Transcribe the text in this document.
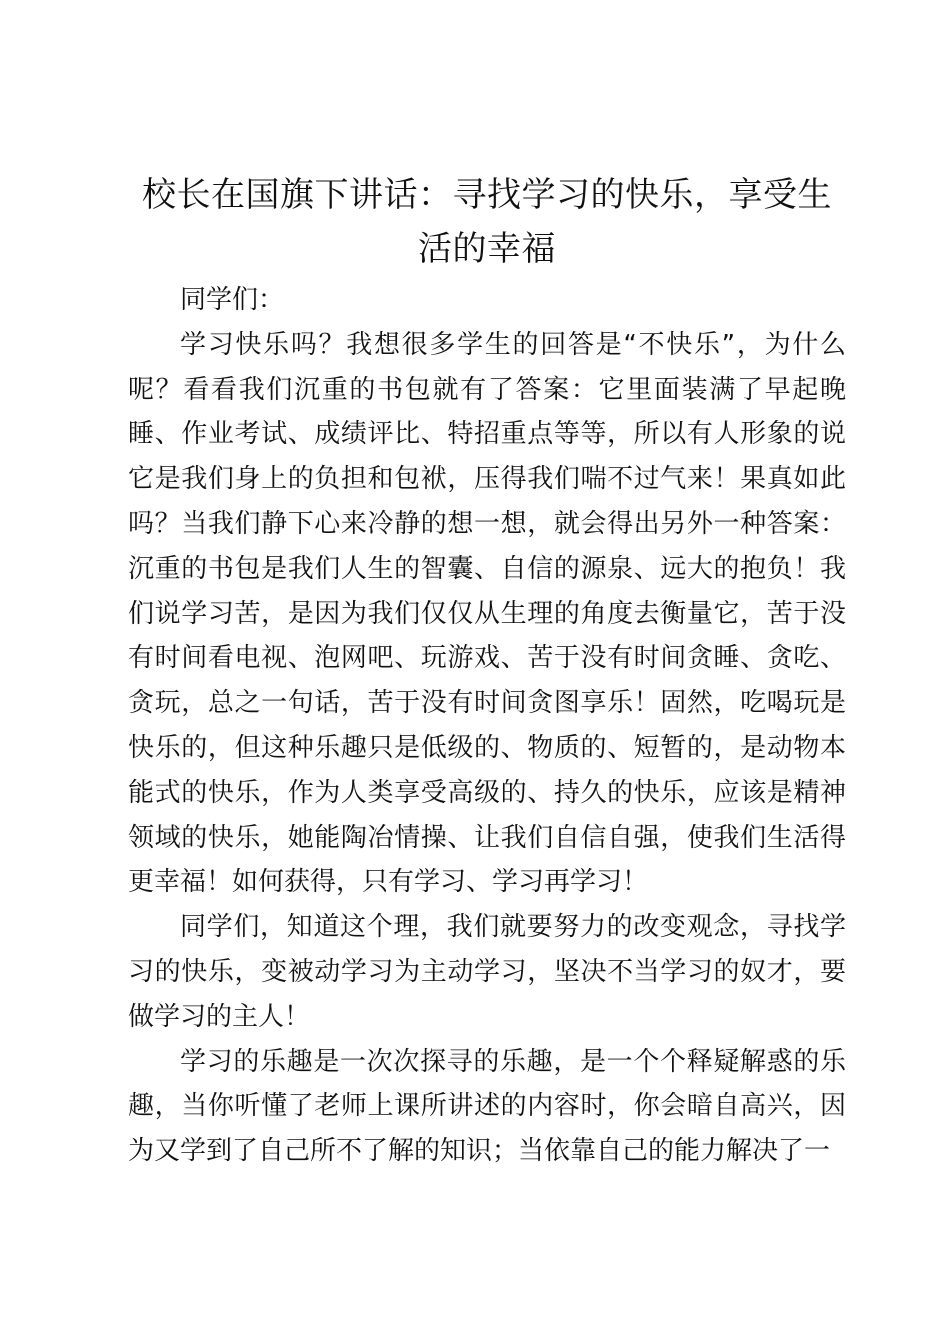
校长在国旗下讲话：寻找学习的快乐，享受生活的幸福

同学们：

学习快乐吗？我想很多学生的回答是“不快乐”，为什么呢？看看我们沉重的书包就有了答案：它里面装满了早起晚睡、作业考试、成绩评比、特招重点等等，所以有人形象的说它是我们身上的负担和包袱，压得我们喘不过气来！果真如此吗？当我们静下心来冷静的想一想，就会得出另外一种答案：沉重的书包是我们人生的智囊、自信的源泉、远大的抱负！我们说学习苦，是因为我们仅仅从生理的角度去衡量它，苦于没有时间看电视、泡网吧、玩游戏、苦于没有时间贪睡、贪吃、贪玩，总之一句话，苦于没有时间贪图享乐！固然，吃喝玩是快乐的，但这种乐趣只是低级的、物质的、短暂的，是动物本能式的快乐，作为人类享受高级的、持久的快乐，应该是精神领域的快乐，她能陶冶情操、让我们自信自强，使我们生活得更幸福！如何获得，只有学习、学习再学习！

同学们，知道这个理，我们就要努力的改变观念，寻找学习的快乐，变被动学习为主动学习，坚决不当学习的奴才，要做学习的主人！

学习的乐趣是一次次探寻的乐趣，是一个个释疑解惑的乐趣，当你听懂了老师上课所讲述的内容时，你会暗自高兴，因为又学到了自己所不了解的知识；当依靠自己的能力解决了一
